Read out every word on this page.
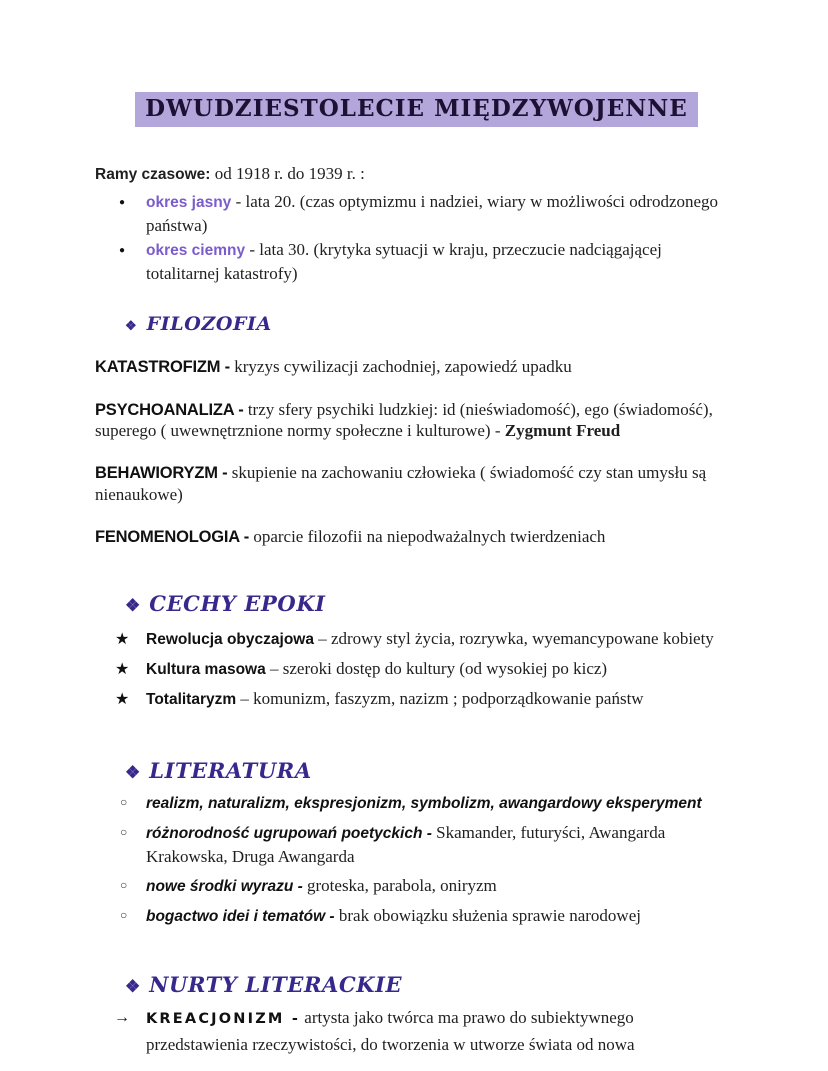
DWUDZIESTOLECIE MIĘDZYWOJENNE

Ramy czasowe: od 1918 r. do 1939 r. :

● okres jasny - lata 20. (czas optymizmu i nadziei, wiary w możliwości odrodzonego państwa)
● okres ciemny - lata 30. (krytyka sytuacji w kraju, przeczucie nadciągającej totalitarnej katastrofy)
❖ FILOZOFIA

KATASTROFIZM - kryzys cywilizacji zachodniej, zapowiedź upadku

PSYCHOANALIZA - trzy sfery psychiki ludzkiej: id (nieświadomość), ego (świadomość), superego ( uwewnętrznione normy społeczne i kulturowe) - Zygmunt Freud

BEHAWIORYZM - skupienie na zachowaniu człowieka ( świadomość czy stan umysłu są nienaukowe)

FENOMENOLOGIA - oparcie filozofii na niepodważalnych twierdzeniach

❖ CECHY EPOKI
★ Rewolucja obyczajowa – zdrowy styl życia, rozrywka, wyemancypowane kobiety
★ Kultura masowa – szeroki dostęp do kultury (od wysokiej po kicz)
★ Totalitaryzm – komunizm, faszyzm, nazizm ; podporządkowanie państw
❖ LITERATURA
○ realizm, naturalizm, ekspresjonizm, symbolizm, awangardowy eksperyment
○ różnorodność ugrupowań poetyckich - Skamander, futuryści, Awangarda Krakowska, Druga Awangarda
○ nowe środki wyrazu - groteska, parabola, oniryzm
○ bogactwo idei i tematów - brak obowiązku służenia sprawie narodowej
❖ NURTY LITERACKIE
→ KREACJONIZM - artysta jako twórca ma prawo do subiektywnego przedstawienia rzeczywistości, do tworzenia w utworze świata od nowa
